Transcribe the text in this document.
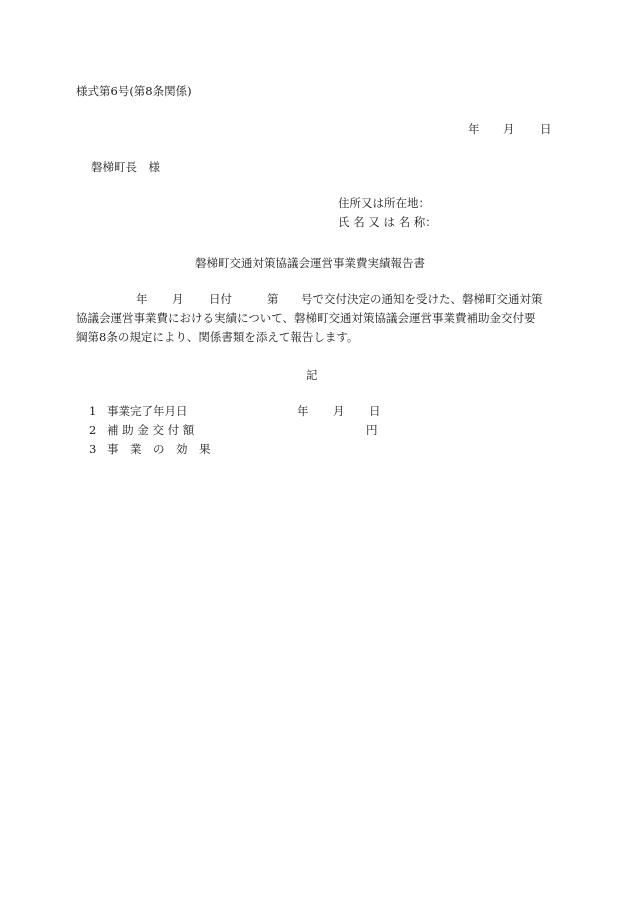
様式第6号(第8条関係)
年 月 日
磐梯町長　様
住所又は所在地：
氏 名 又 は 名 称：
磐梯町交通対策協議会運営事業費実績報告書
年 月 日付	第 号で交付決定の通知を受けた、磐梯町交通対策
協議会運営事業費における実績について、磐梯町交通対策協議会運営事業費補助金交付要
綱第8条の規定により、関係書類を添えて報告します。
記
1 事業完了年月日	年 月 日
2 補 助 金 交 付 額	円
3 事　業　の　効　果
